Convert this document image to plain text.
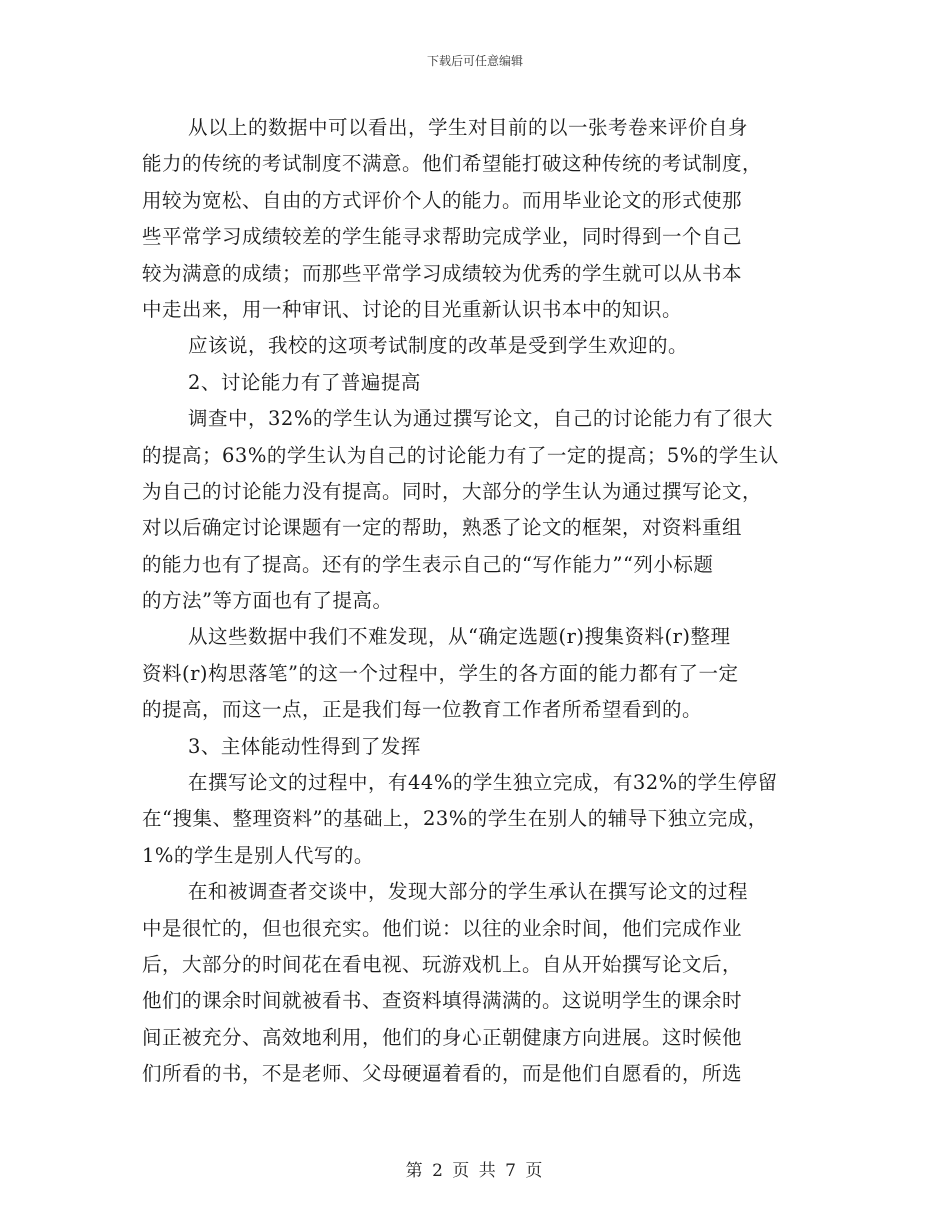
下载后可任意编辑
从以上的数据中可以看出，学生对目前的以一张考卷来评价自身
能力的传统的考试制度不满意。他们希望能打破这种传统的考试制度，
用较为宽松、自由的方式评价个人的能力。而用毕业论文的形式使那
些平常学习成绩较差的学生能寻求帮助完成学业，同时得到一个自己
较为满意的成绩；而那些平常学习成绩较为优秀的学生就可以从书本
中走出来，用一种审讯、讨论的目光重新认识书本中的知识。
应该说，我校的这项考试制度的改革是受到学生欢迎的。
2、讨论能力有了普遍提高
调查中，32%的学生认为通过撰写论文，自己的讨论能力有了很大
的提高；63%的学生认为自己的讨论能力有了一定的提高；5%的学生认
为自己的讨论能力没有提高。同时，大部分的学生认为通过撰写论文，
对以后确定讨论课题有一定的帮助，熟悉了论文的框架，对资料重组
的能力也有了提高。还有的学生表示自己的“写作能力”“列小标题
的方法”等方面也有了提高。
从这些数据中我们不难发现，从“确定选题(r)搜集资料(r)整理
资料(r)构思落笔”的这一个过程中，学生的各方面的能力都有了一定
的提高，而这一点，正是我们每一位教育工作者所希望看到的。
3、主体能动性得到了发挥
在撰写论文的过程中，有44%的学生独立完成，有32%的学生停留
在“搜集、整理资料”的基础上，23%的学生在别人的辅导下独立完成，
1%的学生是别人代写的。
在和被调查者交谈中，发现大部分的学生承认在撰写论文的过程
中是很忙的，但也很充实。他们说：以往的业余时间，他们完成作业
后，大部分的时间花在看电视、玩游戏机上。自从开始撰写论文后，
他们的课余时间就被看书、查资料填得满满的。这说明学生的课余时
间正被充分、高效地利用，他们的身心正朝健康方向进展。这时候他
们所看的书，不是老师、父母硬逼着看的，而是他们自愿看的，所选
第 2 页 共 7 页
